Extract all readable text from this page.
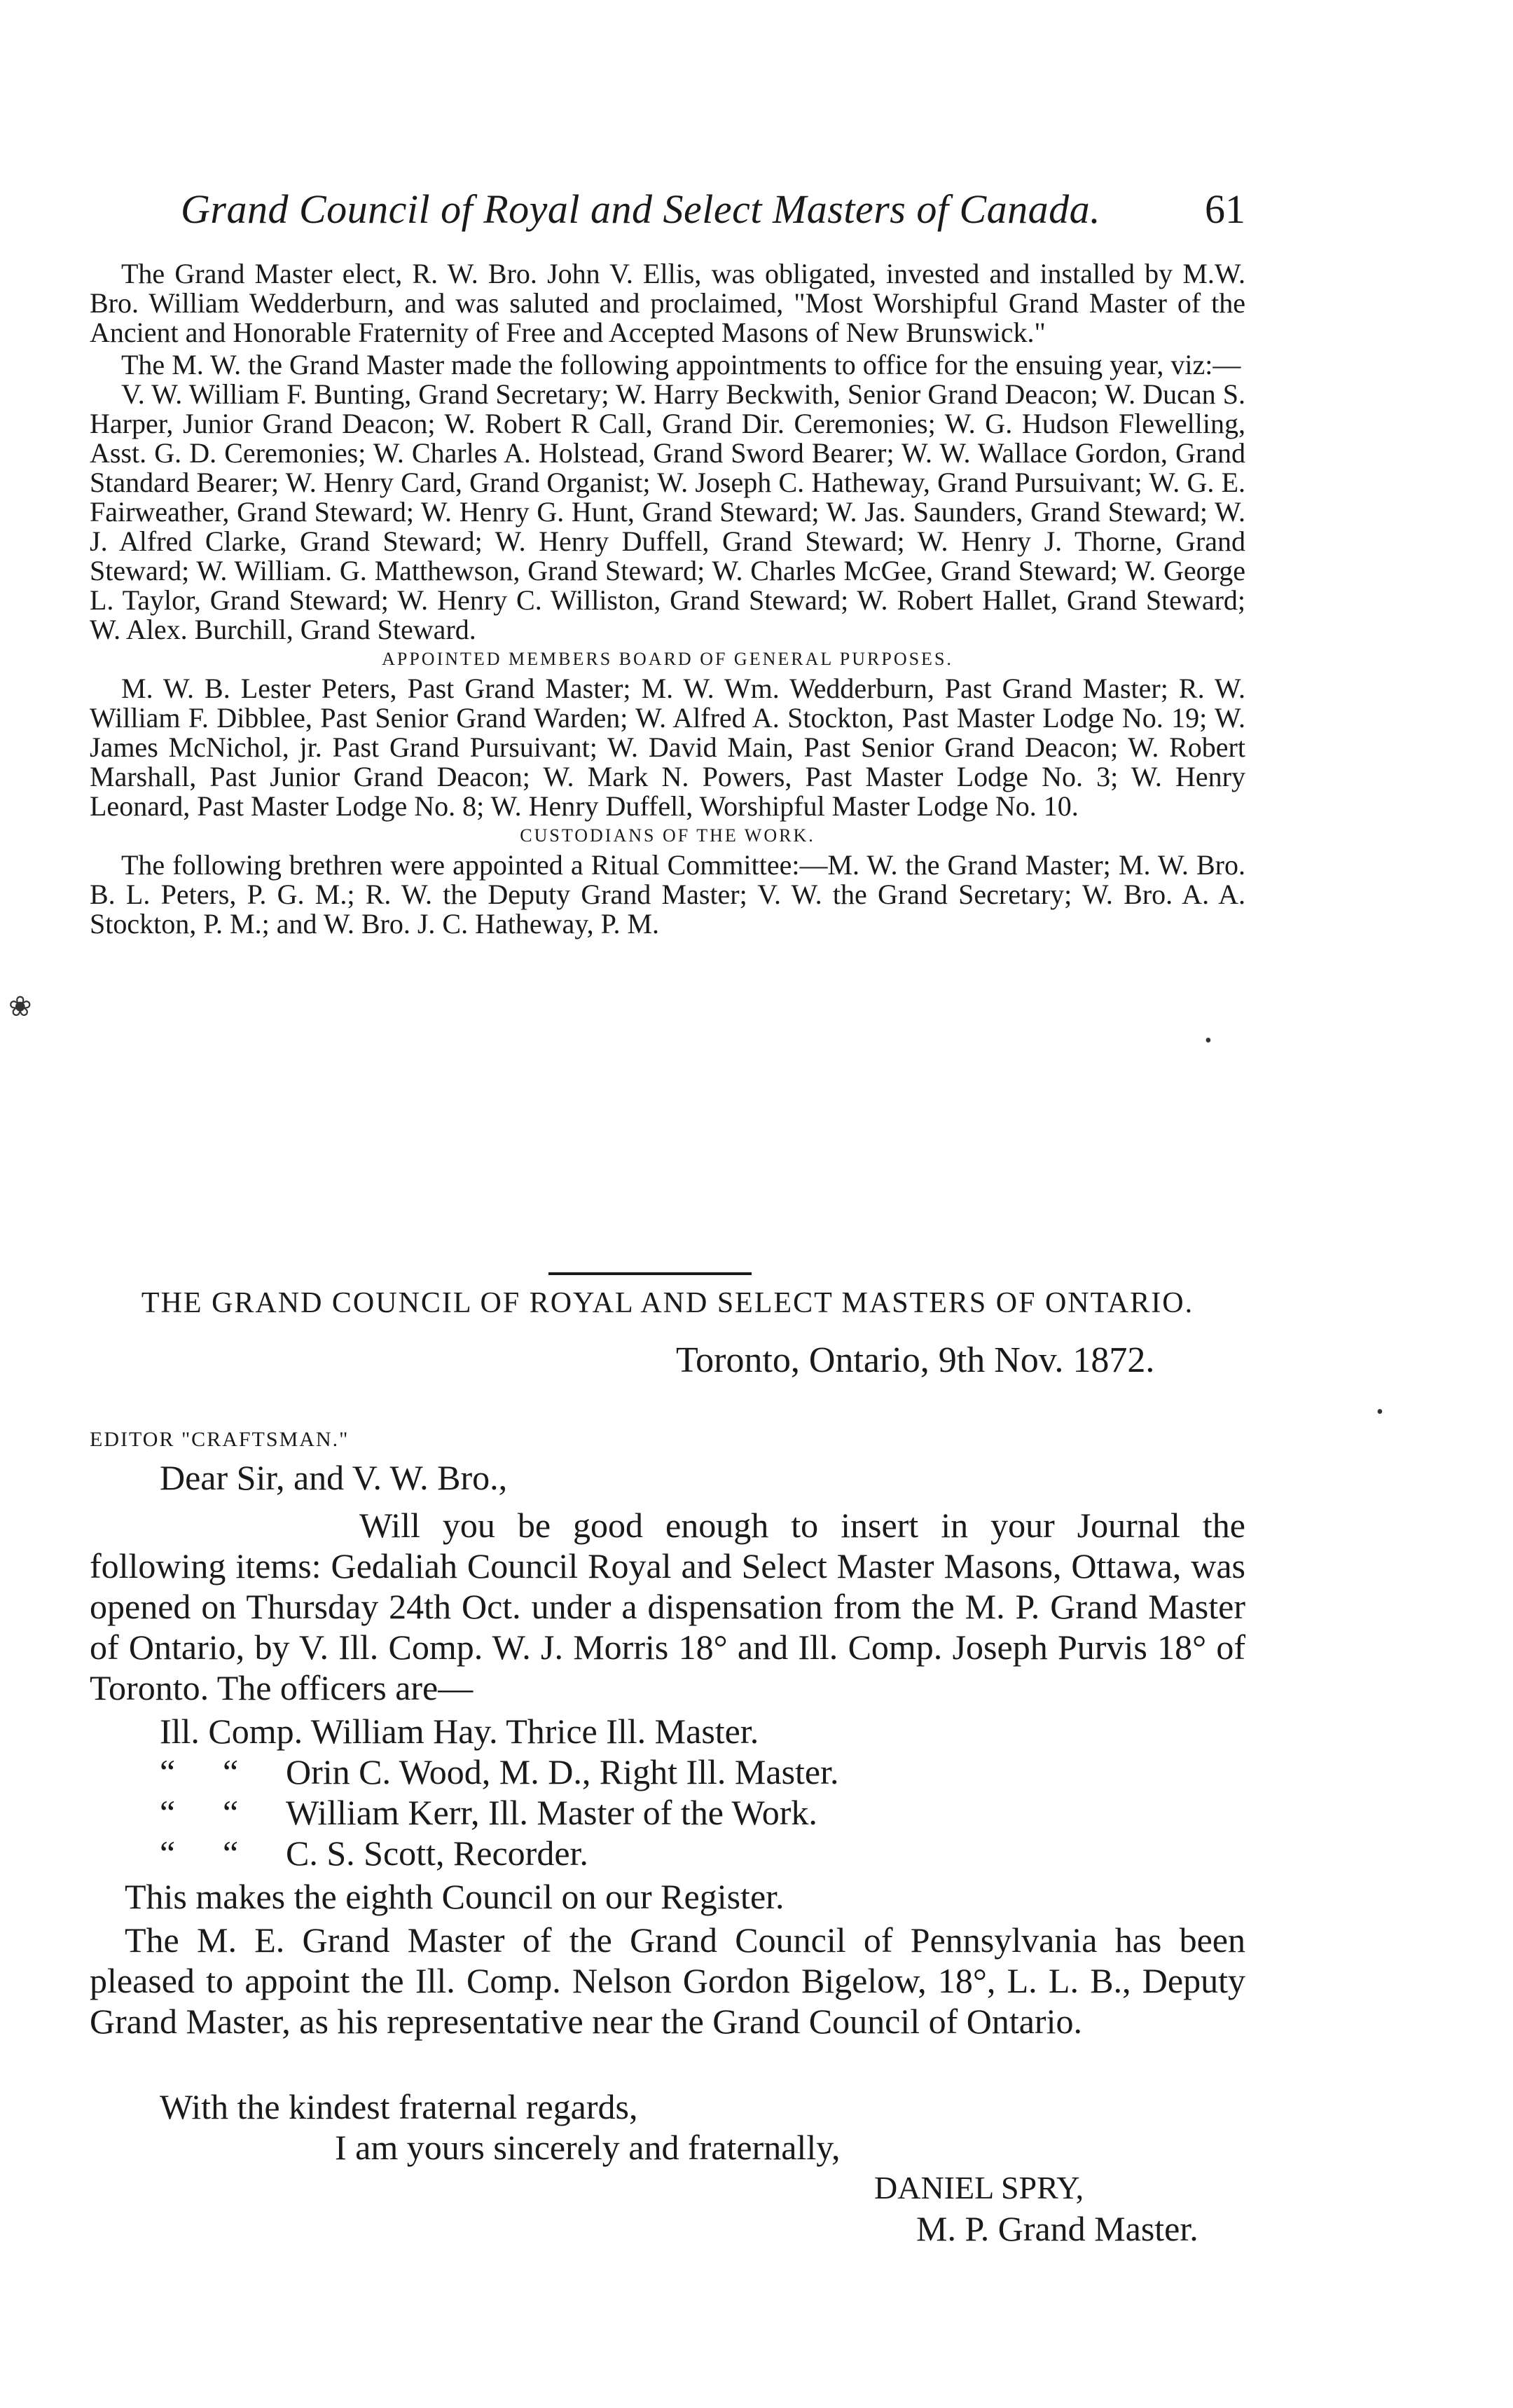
Grand Council of Royal and Select Masters of Canada.	61

The Grand Master elect, R. W. Bro. John V. Ellis, was obligated, invested and installed by M.W. Bro. William Wedderburn, and was saluted and proclaimed, "Most Worshipful Grand Master of the Ancient and Honorable Fraternity of Free and Accepted Masons of New Brunswick."

The M. W. the Grand Master made the following appointments to office for the ensuing year, viz:—

V. W. William F. Bunting, Grand Secretary; W. Harry Beckwith, Senior Grand Deacon; W. Ducan S. Harper, Junior Grand Deacon; W. Robert R Call, Grand Dir. Ceremonies; W. G. Hudson Flewelling, Asst. G. D. Ceremonies; W. Charles A. Holstead, Grand Sword Bearer; W. W. Wallace Gordon, Grand Standard Bearer; W. Henry Card, Grand Organist; W. Joseph C. Hatheway, Grand Pursuivant; W. G. E. Fairweather, Grand Steward; W. Henry G. Hunt, Grand Steward; W. Jas. Saunders, Grand Steward; W. J. Alfred Clarke, Grand Steward; W. Henry Duffell, Grand Steward; W. Henry J. Thorne, Grand Steward; W. William. G. Matthewson, Grand Steward; W. Charles McGee, Grand Steward; W. George L. Taylor, Grand Steward; W. Henry C. Williston, Grand Steward; W. Robert Hallet, Grand Steward; W. Alex. Burchill, Grand Steward.

APPOINTED MEMBERS BOARD OF GENERAL PURPOSES.

M. W. B. Lester Peters, Past Grand Master; M. W. Wm. Wedderburn, Past Grand Master; R. W. William F. Dibblee, Past Senior Grand Warden; W. Alfred A. Stockton, Past Master Lodge No. 19; W. James McNichol, jr. Past Grand Pursuivant; W. David Main, Past Senior Grand Deacon; W. Robert Marshall, Past Junior Grand Deacon; W. Mark N. Powers, Past Master Lodge No. 3; W. Henry Leonard, Past Master Lodge No. 8; W. Henry Duffell, Worshipful Master Lodge No. 10.

CUSTODIANS OF THE WORK.

The following brethren were appointed a Ritual Committee:—M. W. the Grand Master; M. W. Bro. B. L. Peters, P. G. M.; R. W. the Deputy Grand Master; V. W. the Grand Secretary; W. Bro. A. A. Stockton, P. M.; and W. Bro. J. C. Hatheway, P. M.

THE GRAND COUNCIL OF ROYAL AND SELECT MASTERS OF ONTARIO.
Toronto, Ontario, 9th Nov. 1872.
EDITOR "CRAFTSMAN."
Dear Sir, and V. W. Bro.,

Will you be good enough to insert in your Journal the following items: Gedaliah Council Royal and Select Master Masons, Ottawa, was opened on Thursday 24th Oct. under a dispensation from the M. P. Grand Master of Ontario, by V. Ill. Comp. W. J. Morris 18° and Ill. Comp. Joseph Purvis 18° of Toronto. The officers are—

Ill. Comp. William Hay. Thrice Ill. Master.
“ “ Orin C. Wood, M. D., Right Ill. Master.
“ “ William Kerr, Ill. Master of the Work.
“ “ C. S. Scott, Recorder.
This makes the eighth Council on our Register.

The M. E. Grand Master of the Grand Council of Pennsylvania has been pleased to appoint the Ill. Comp. Nelson Gordon Bigelow, 18°, L. L. B., Deputy Grand Master, as his representative near the Grand Council of Ontario.

With the kindest fraternal regards,
I am yours sincerely and fraternally,
DANIEL SPRY,
M. P. Grand Master.
❀
•
•
